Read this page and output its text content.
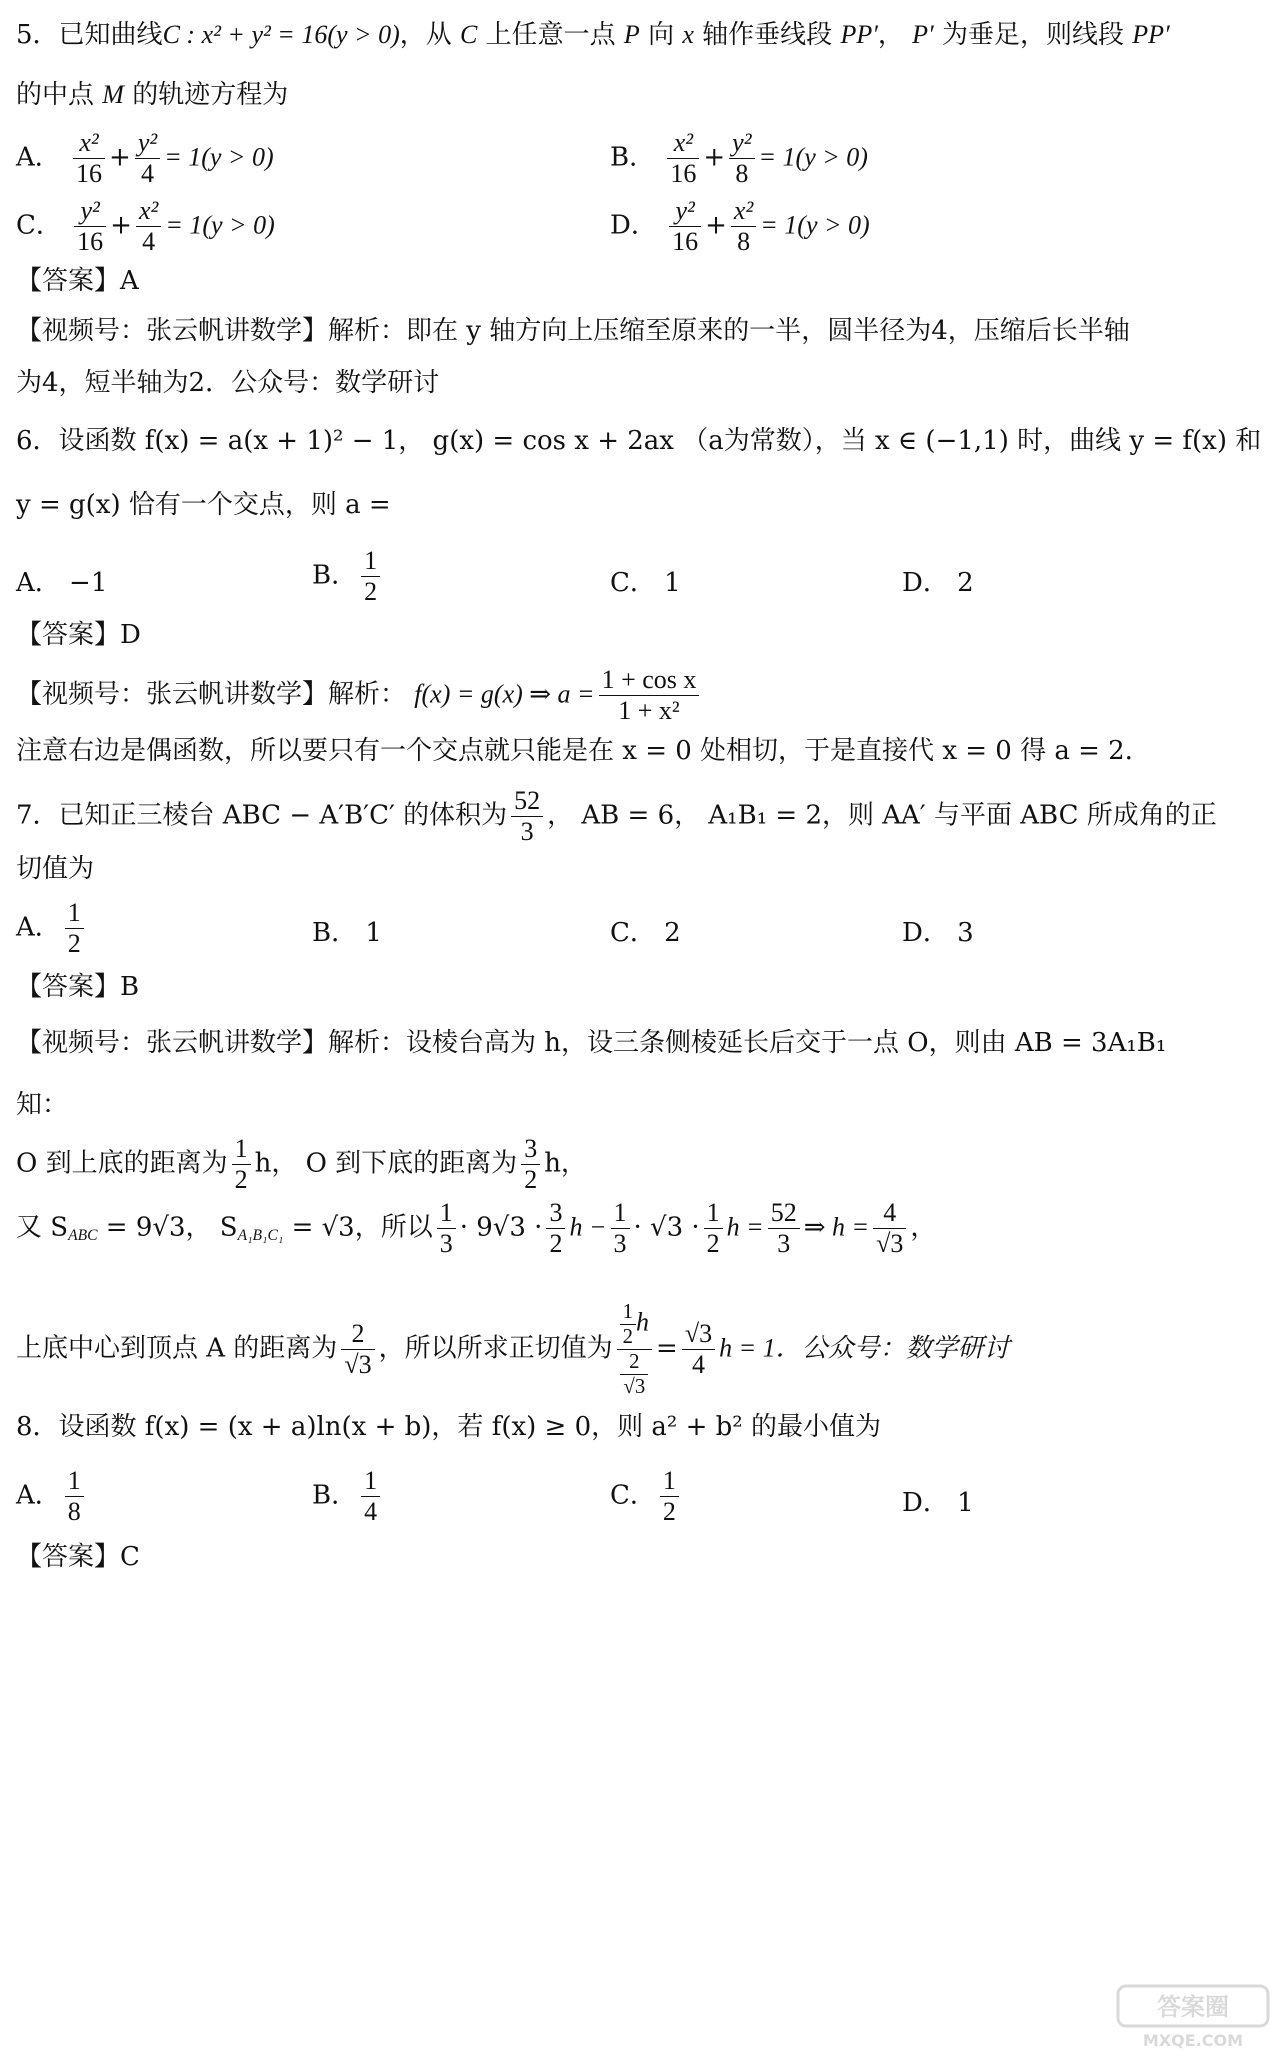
5．已知曲线C : x² + y² = 16(y > 0)，从 C 上任意一点 P 向 x 轴作垂线段 PP′， P′ 为垂足，则线段 PP′
的中点 M 的轨迹方程为
A． $\frac{\text{x²}}{16} + \frac{\text{y²}}{4} = 1(y > 0)$	B． $\frac{\text{x²}}{16} + \frac{\text{y²}}{8} = 1(y > 0)$
C． $\frac{\text{y²}}{16} + \frac{\text{x²}}{4} = 1(y > 0)$	D． $\frac{\text{y²}}{16} + \frac{\text{x²}}{8} = 1(y > 0)$
【答案】A
【视频号：张云帆讲数学】解析：即在 y 轴方向上压缩至原来的一半，圆半径为4，压缩后长半轴
为4，短半轴为2．公众号：数学研讨
6．设函数 f(x) = a(x + 1)² − 1， g(x) = cos x + 2ax （a为常数），当 x ∈ (−1,1) 时，曲线 y = f(x) 和
y = g(x) 恰有一个交点，则 a =
A． −1	B． $\frac{1}{2}$	C． 1	D． 2
【答案】D
【视频号：张云帆讲数学】解析： f(x) = g(x) ⇒ $a = \frac{\text{1 + cos x}}{\text{1 + x²}}$
注意右边是偶函数，所以要只有一个交点就只能是在 x = 0 处相切，于是直接代 x = 0 得 a = 2．
7．已知正三棱台 ABC − A′B′C′ 的体积为 $\frac{52}{3}$ ， AB = 6， A₁B₁ = 2，则 AA′ 与平面 ABC 所成角的正
切值为
A． $\frac{1}{2}$	B． 1	C． 2	D． 3
【答案】B
【视频号：张云帆讲数学】解析：设棱台高为 h，设三条侧棱延长后交于一点 O，则由 AB = 3A₁B₁
知：
O 到上底的距离为 $\frac{1}{2}$ h， O 到下底的距离为 $\frac{3}{2}$ h，
又 $S_{ABC} = 9√3$， $S_{A_1B_1C_1} = √3$，所以 $\frac{1}{3} \cdot 9√3 \cdot \frac{3}{2}$ $h - \frac{1}{3} \cdot √3 \cdot \frac{1}{2}$ $h = \frac{52}{3}$ ⇒ $h = \frac{4}{√3}$ ，
上底中心到顶点 A 的距离为 $\frac{2}{√3}$ ，所以所求正切值为 $\frac{\frac{1}{2} h}{\frac{2}{√3}} = \frac{√3}{4}$ h = 1．公众号：数学研讨
8．设函数 f(x) = (x + a)ln(x + b)，若 f(x) ≥ 0，则 a² + b² 的最小值为
A． $\frac{1}{8}$	B． $\frac{1}{4}$	C． $\frac{1}{2}$	D． 1
【答案】C
答案圈
MXQE.COM
